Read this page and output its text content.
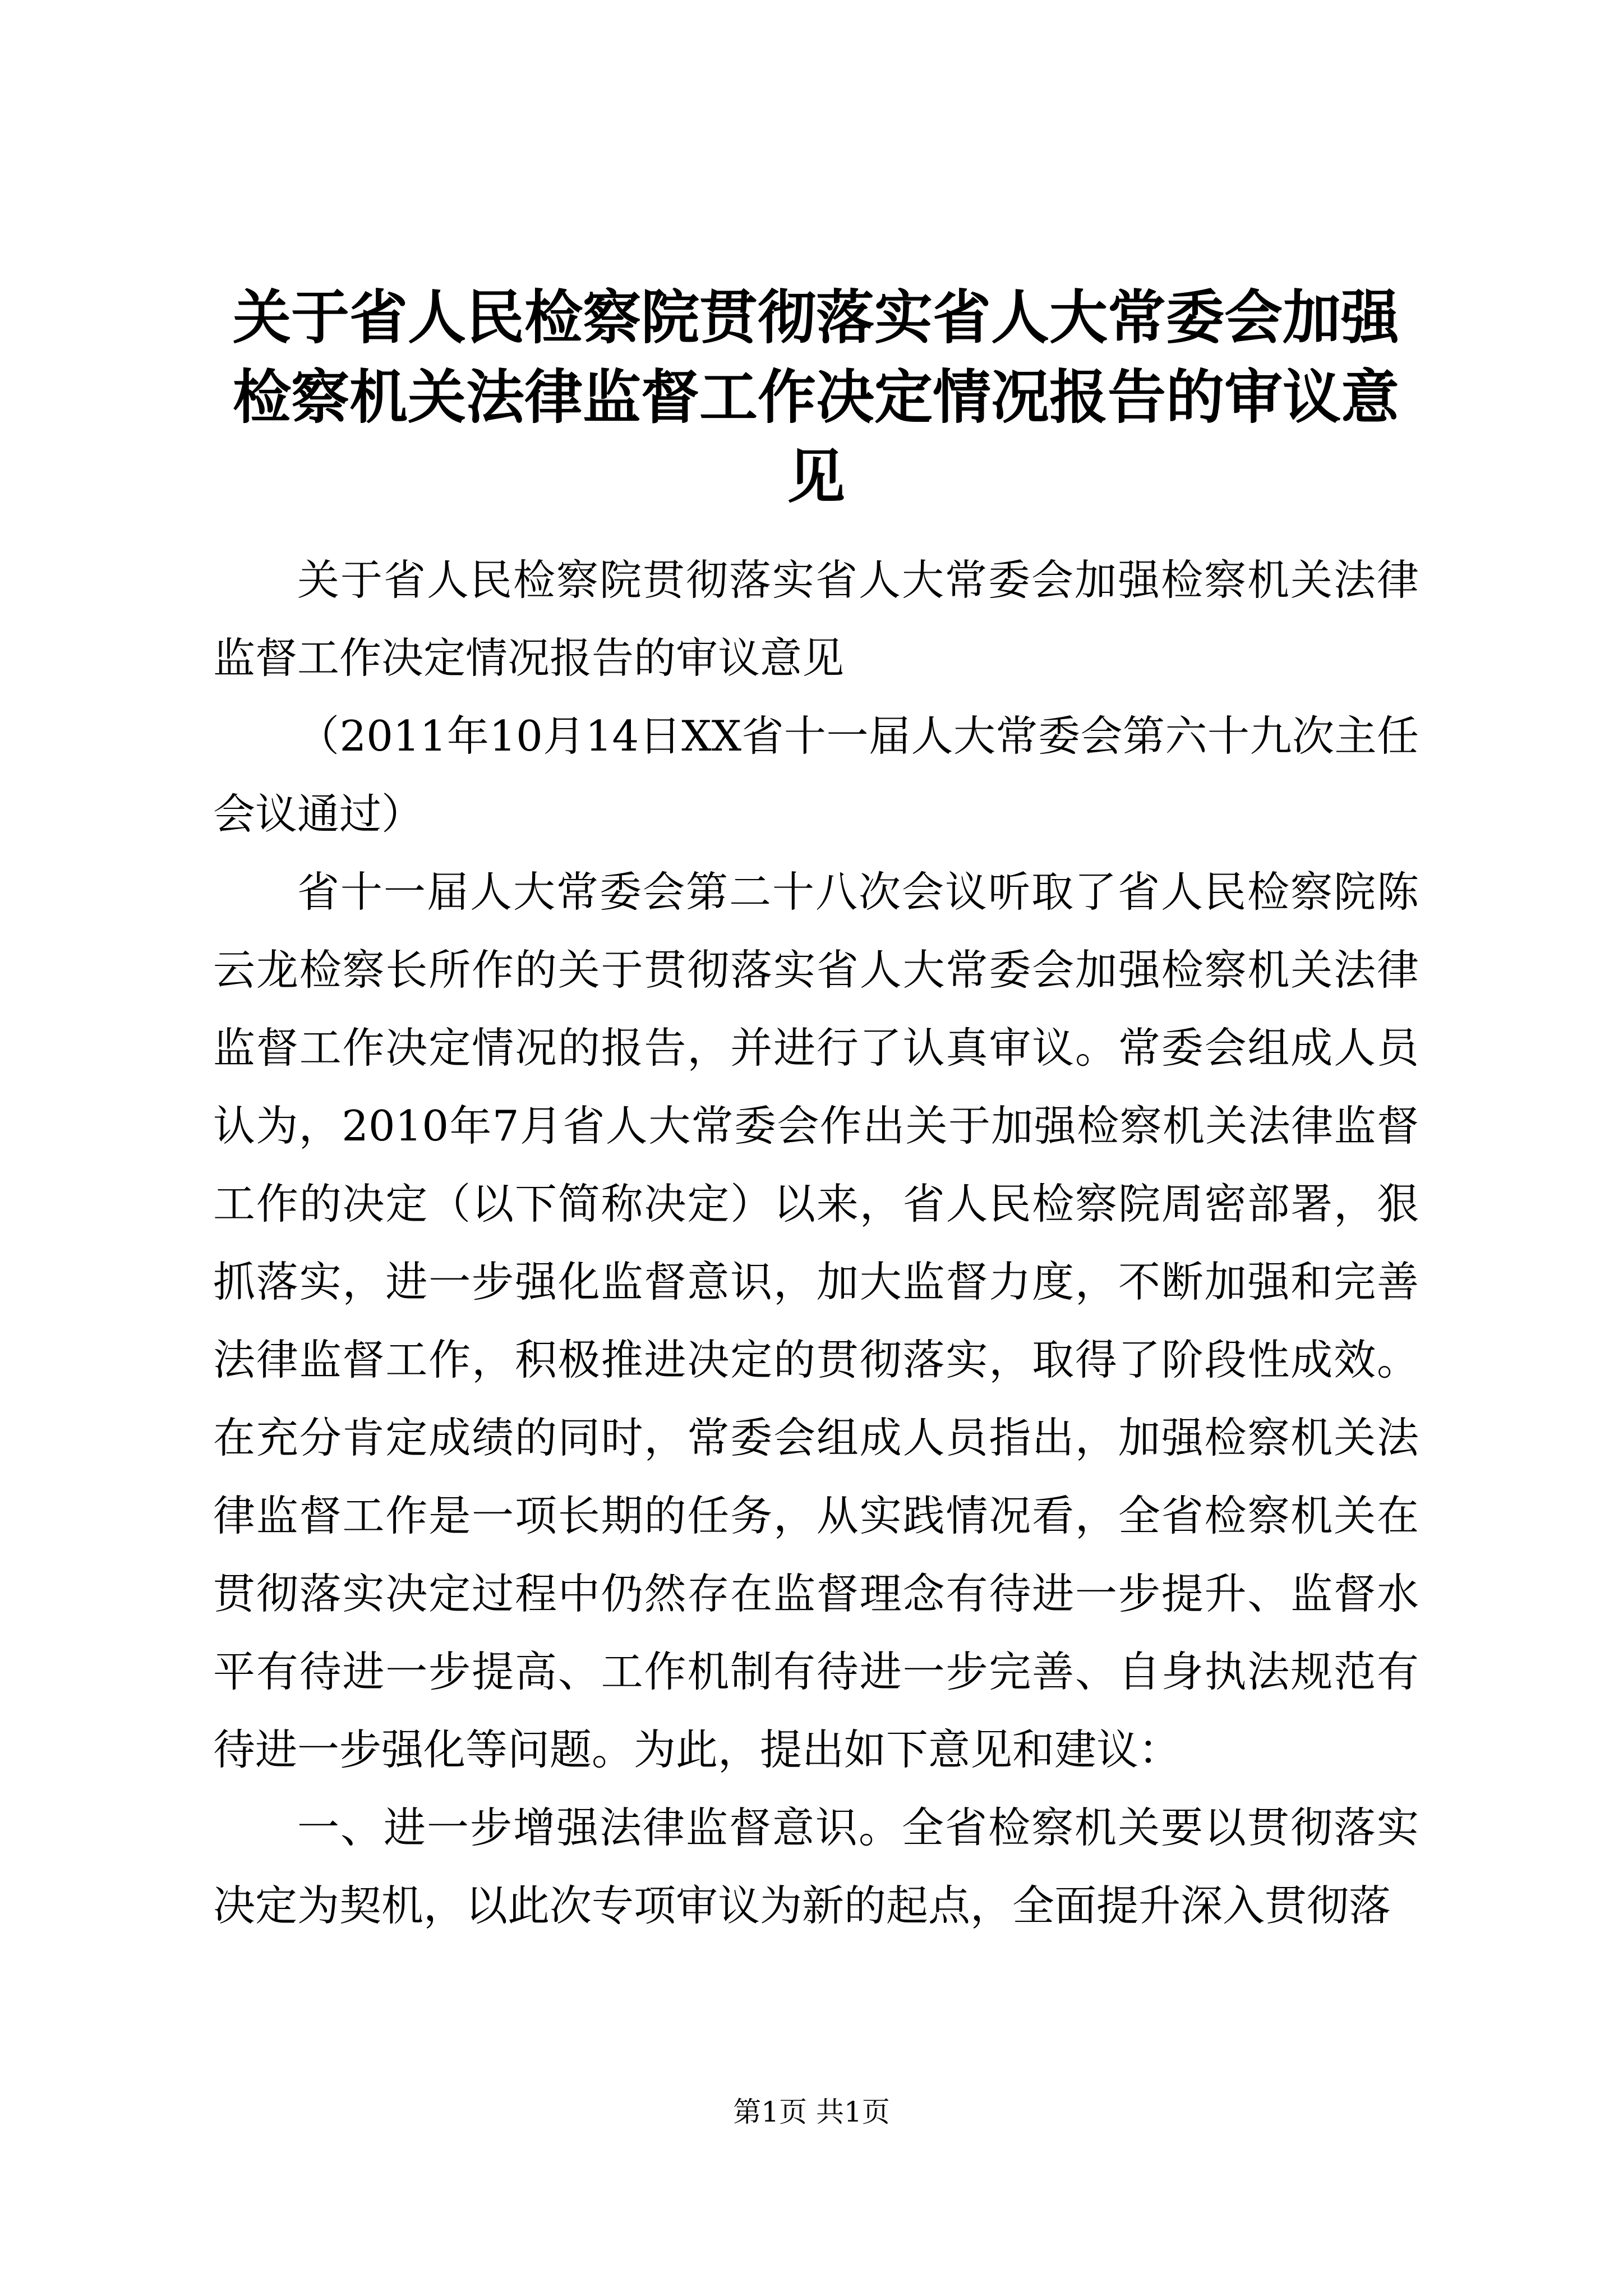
关于省人民检察院贯彻落实省人大常委会加强检察机关法律监督工作决定情况报告的审议意见

关于省人民检察院贯彻落实省人大常委会加强检察机关法律监督工作决定情况报告的审议意见

（2011年10月14日XX省十一届人大常委会第六十九次主任会议通过）

省十一届人大常委会第二十八次会议听取了省人民检察院陈云龙检察长所作的关于贯彻落实省人大常委会加强检察机关法律监督工作决定情况的报告，并进行了认真审议。常委会组成人员认为，2010年7月省人大常委会作出关于加强检察机关法律监督工作的决定（以下简称决定）以来，省人民检察院周密部署，狠抓落实，进一步强化监督意识，加大监督力度，不断加强和完善法律监督工作，积极推进决定的贯彻落实，取得了阶段性成效。在充分肯定成绩的同时，常委会组成人员指出，加强检察机关法律监督工作是一项长期的任务，从实践情况看，全省检察机关在贯彻落实决定过程中仍然存在监督理念有待进一步提升、监督水平有待进一步提高、工作机制有待进一步完善、自身执法规范有待进一步强化等问题。为此，提出如下意见和建议：

一、进一步增强法律监督意识。全省检察机关要以贯彻落实决定为契机，以此次专项审议为新的起点，全面提升深入贯彻落

第1页 共1页
